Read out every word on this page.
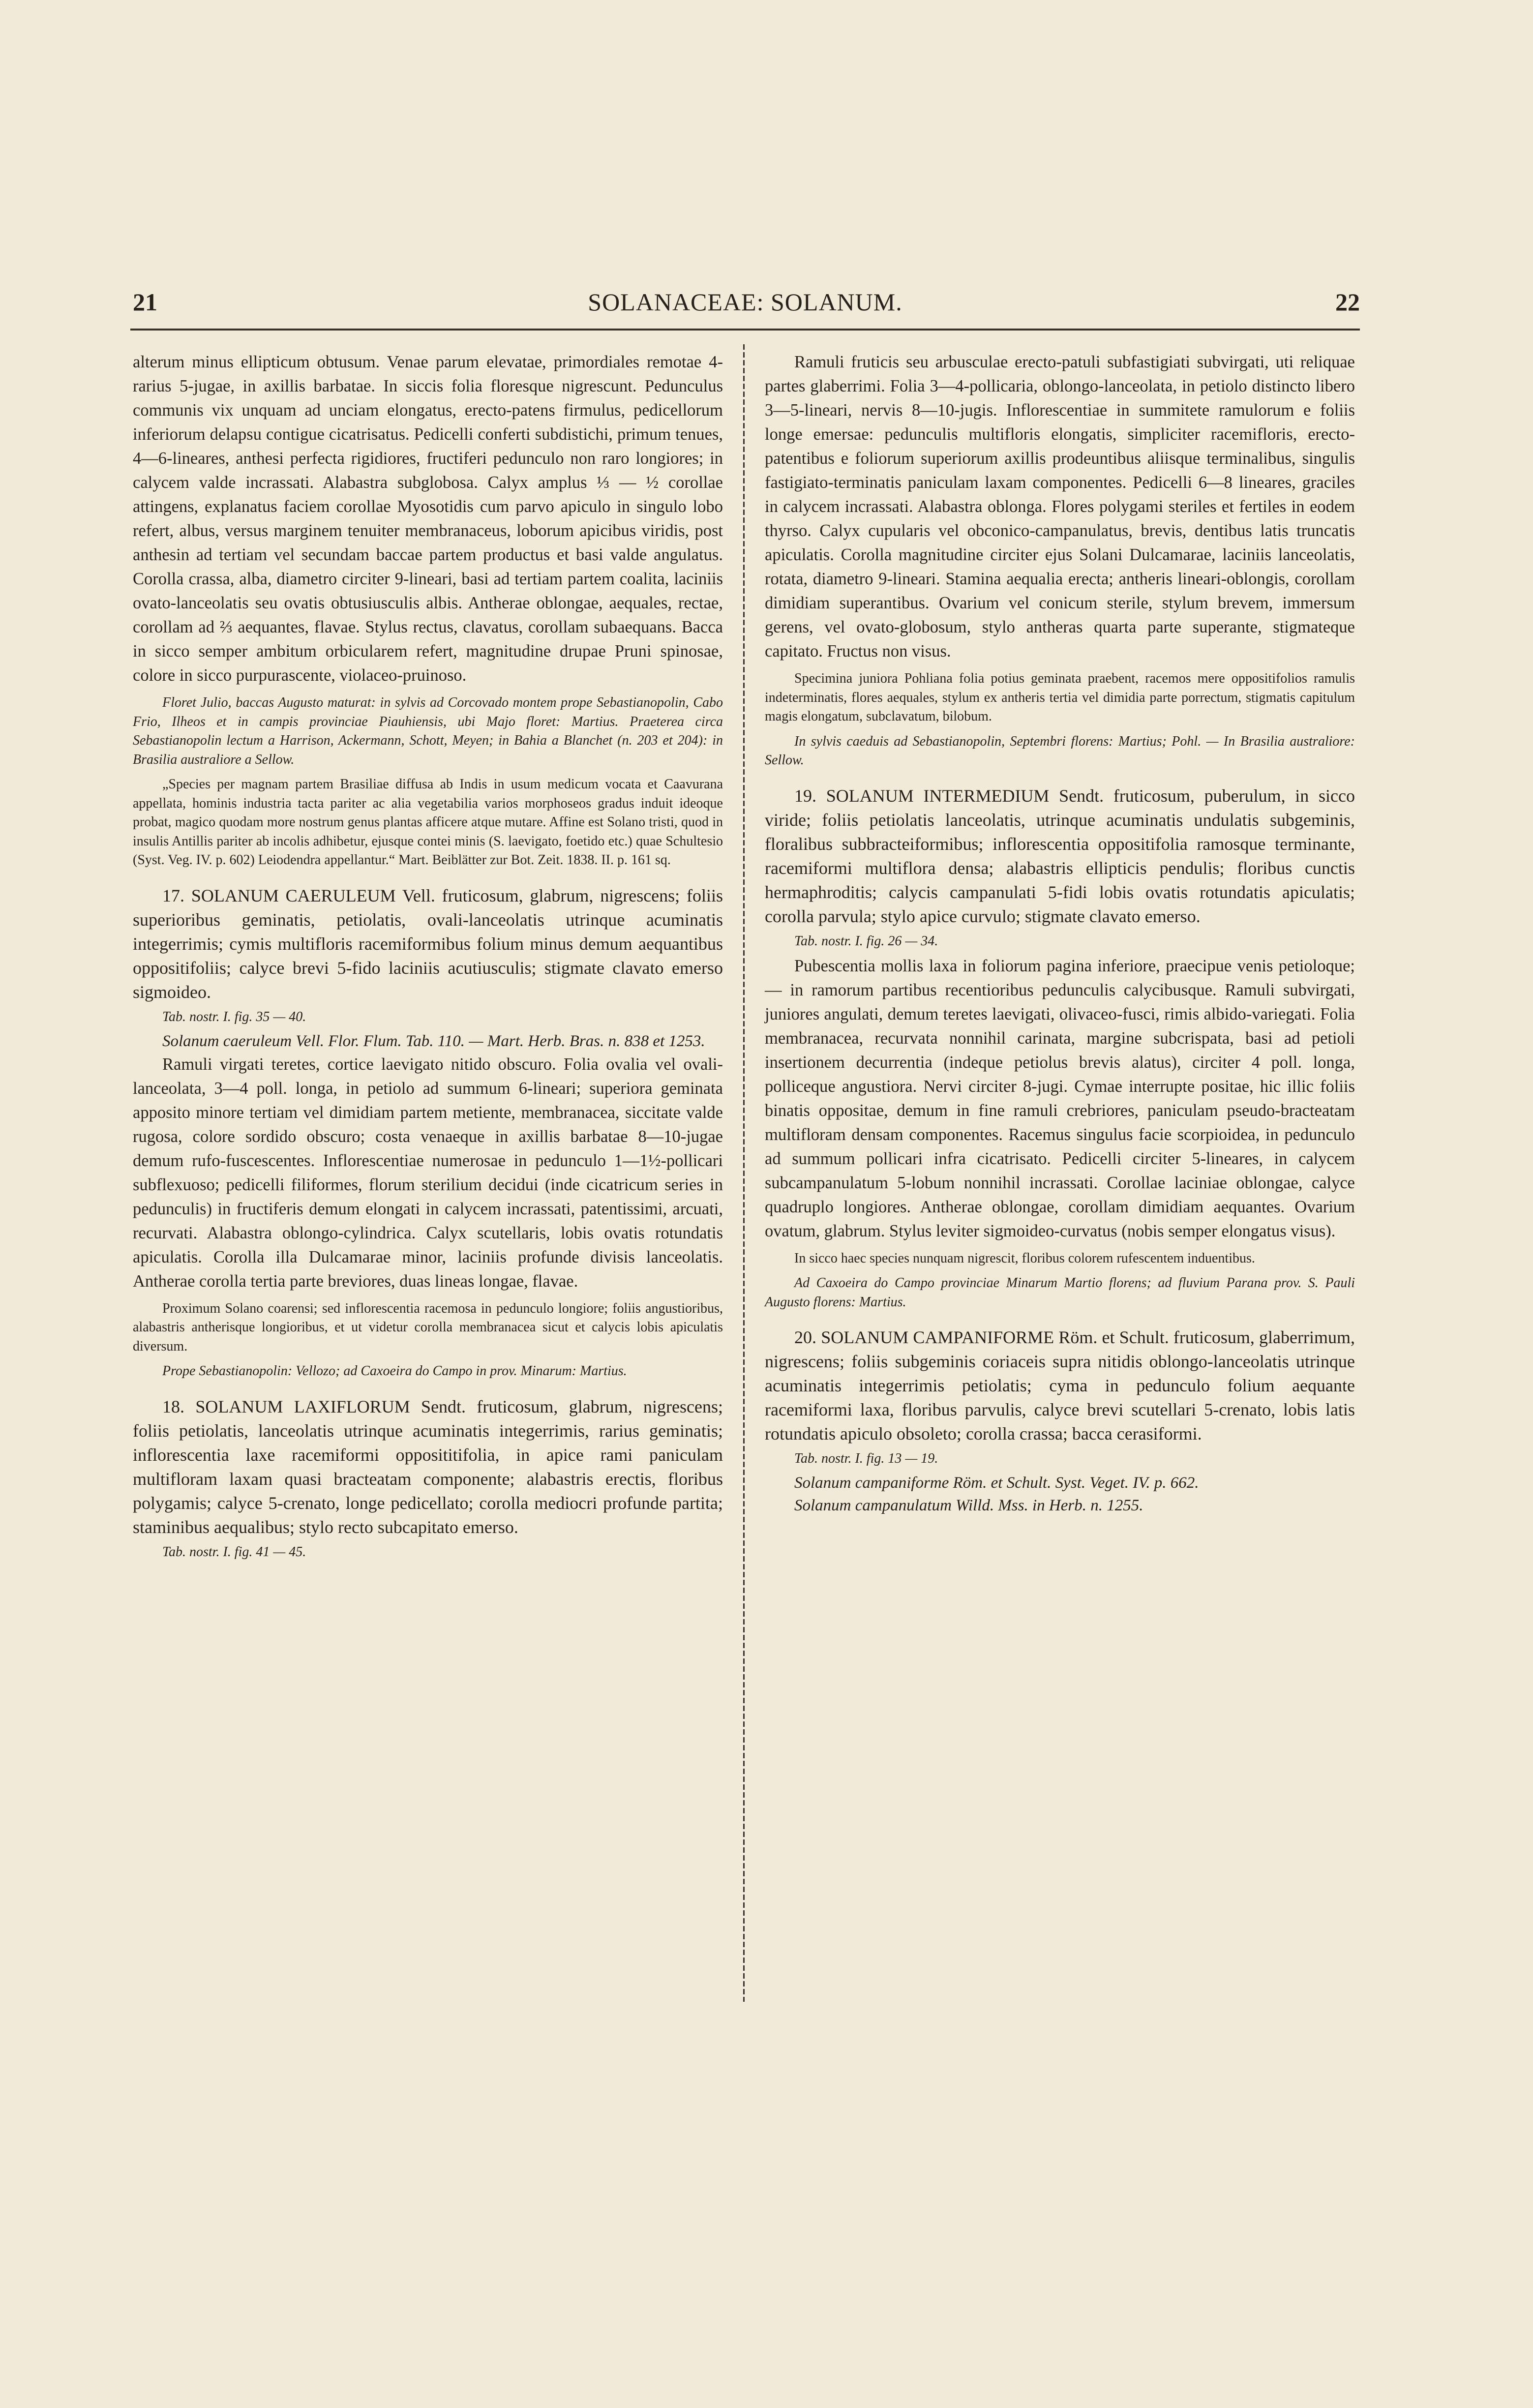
21	SOLANACEAE: SOLANUM.	22

alterum minus ellipticum obtusum. Venae parum elevatae, primordiales remotae 4- rarius 5-jugae, in axillis barbatae. In siccis folia floresque nigrescunt. Pedunculus communis vix unquam ad unciam elongatus, erecto-patens firmulus, pedicellorum inferiorum delapsu contigue cicatrisatus. Pedicelli conferti subdistichi, primum tenues, 4—6-lineares, anthesi perfecta rigidiores, fructiferi pedunculo non raro longiores; in calycem valde incrassati. Alabastra subglobosa. Calyx amplus ⅓ — ½ corollae attingens, explanatus faciem corollae Myosotidis cum parvo apiculo in singulo lobo refert, albus, versus marginem tenuiter membranaceus, loborum apicibus viridis, post anthesin ad tertiam vel secundam baccae partem productus et basi valde angulatus. Corolla crassa, alba, diametro circiter 9-lineari, basi ad tertiam partem coalita, laciniis ovato-lanceolatis seu ovatis obtusiusculis albis. Antherae oblongae, aequales, rectae, corollam ad ⅔ aequantes, flavae. Stylus rectus, clavatus, corollam subaequans. Bacca in sicco semper ambitum orbicularem refert, magnitudine drupae Pruni spinosae, colore in sicco purpurascente, violaceo-pruinoso.

Floret Julio, baccas Augusto maturat: in sylvis ad Corcovado montem prope Sebastianopolin, Cabo Frio, Ilheos et in campis provinciae Piauhiensis, ubi Majo floret: Martius. Praeterea circa Sebastianopolin lectum a Harrison, Ackermann, Schott, Meyen; in Bahia a Blanchet (n. 203 et 204): in Brasilia australiore a Sellow.

„Species per magnam partem Brasiliae diffusa ab Indis in usum medicum vocata et Caavurana appellata, hominis industria tacta pariter ac alia vegetabilia varios morphoseos gradus induit ideoque probat, magico quodam more nostrum genus plantas afficere atque mutare. Affine est Solano tristi, quod in insulis Antillis pariter ab incolis adhibetur, ejusque contei minis (S. laevigato, foetido etc.) quae Schultesio (Syst. Veg. IV. p. 602) Leiodendra appellantur.“ Mart. Beiblätter zur Bot. Zeit. 1838. II. p. 161 sq.

17. SOLANUM CAERULEUM Vell. fruticosum, glabrum, nigrescens; foliis superioribus geminatis, petiolatis, ovali-lanceolatis utrinque acuminatis integerrimis; cymis multifloris racemiformibus folium minus demum aequantibus oppositifoliis; calyce brevi 5-fido laciniis acutiusculis; stigmate clavato emerso sigmoideo.

Tab. nostr. I. fig. 35 — 40.

Solanum caeruleum Vell. Flor. Flum. Tab. 110. — Mart. Herb. Bras. n. 838 et 1253.

Ramuli virgati teretes, cortice laevigato nitido obscuro. Folia ovalia vel ovali-lanceolata, 3—4 poll. longa, in petiolo ad summum 6-lineari; superiora geminata apposito minore tertiam vel dimidiam partem metiente, membranacea, siccitate valde rugosa, colore sordido obscuro; costa venaeque in axillis barbatae 8—10-jugae demum rufo-fuscescentes. Inflorescentiae numerosae in pedunculo 1—1½-pollicari subflexuoso; pedicelli filiformes, florum sterilium decidui (inde cicatricum series in pedunculis) in fructiferis demum elongati in calycem incrassati, patentissimi, arcuati, recurvati. Alabastra oblongo-cylindrica. Calyx scutellaris, lobis ovatis rotundatis apiculatis. Corolla illa Dulcamarae minor, laciniis profunde divisis lanceolatis. Antherae corolla tertia parte breviores, duas lineas longae, flavae.

Proximum Solano coarensi; sed inflorescentia racemosa in pedunculo longiore; foliis angustioribus, alabastris antherisque longioribus, et ut videtur corolla membranacea sicut et calycis lobis apiculatis diversum.

Prope Sebastianopolin: Vellozo; ad Caxoeira do Campo in prov. Minarum: Martius.

18. SOLANUM LAXIFLORUM Sendt. fruticosum, glabrum, nigrescens; foliis petiolatis, lanceolatis utrinque acuminatis integerrimis, rarius geminatis; inflorescentia laxe racemiformi opposititifolia, in apice rami paniculam multifloram laxam quasi bracteatam componente; alabastris erectis, floribus polygamis; calyce 5-crenato, longe pedicellato; corolla mediocri profunde partita; staminibus aequalibus; stylo recto subcapitato emerso.

Tab. nostr. I. fig. 41 — 45.

Ramuli fruticis seu arbusculae erecto-patuli subfastigiati subvirgati, uti reliquae partes glaberrimi. Folia 3—4-pollicaria, oblongo-lanceolata, in petiolo distincto libero 3—5-lineari, nervis 8—10-jugis. Inflorescentiae in summitete ramulorum e foliis longe emersae: pedunculis multifloris elongatis, simpliciter racemifloris, erecto-patentibus e foliorum superiorum axillis prodeuntibus aliisque terminalibus, singulis fastigiato-terminatis paniculam laxam componentes. Pedicelli 6—8 lineares, graciles in calycem incrassati. Alabastra oblonga. Flores polygami steriles et fertiles in eodem thyrso. Calyx cupularis vel obconico-campanulatus, brevis, dentibus latis truncatis apiculatis. Corolla magnitudine circiter ejus Solani Dulcamarae, laciniis lanceolatis, rotata, diametro 9-lineari. Stamina aequalia erecta; antheris lineari-oblongis, corollam dimidiam superantibus. Ovarium vel conicum sterile, stylum brevem, immersum gerens, vel ovato-globosum, stylo antheras quarta parte superante, stigmateque capitato. Fructus non visus.

Specimina juniora Pohliana folia potius geminata praebent, racemos mere oppositifolios ramulis indeterminatis, flores aequales, stylum ex antheris tertia vel dimidia parte porrectum, stigmatis capitulum magis elongatum, subclavatum, bilobum.

In sylvis caeduis ad Sebastianopolin, Septembri florens: Martius; Pohl. — In Brasilia australiore: Sellow.

19. SOLANUM INTERMEDIUM Sendt. fruticosum, puberulum, in sicco viride; foliis petiolatis lanceolatis, utrinque acuminatis undulatis subgeminis, floralibus subbracteiformibus; inflorescentia oppositifolia ramosque terminante, racemiformi multiflora densa; alabastris ellipticis pendulis; floribus cunctis hermaphroditis; calycis campanulati 5-fidi lobis ovatis rotundatis apiculatis; corolla parvula; stylo apice curvulo; stigmate clavato emerso.

Tab. nostr. I. fig. 26 — 34.

Pubescentia mollis laxa in foliorum pagina inferiore, praecipue venis petioloque; — in ramorum partibus recentioribus pedunculis calycibusque. Ramuli subvirgati, juniores angulati, demum teretes laevigati, olivaceo-fusci, rimis albido-variegati. Folia membranacea, recurvata nonnihil carinata, margine subcrispata, basi ad petioli insertionem decurrentia (indeque petiolus brevis alatus), circiter 4 poll. longa, polliceque angustiora. Nervi circiter 8-jugi. Cymae interrupte positae, hic illic foliis binatis oppositae, demum in fine ramuli crebriores, paniculam pseudo-bracteatam multifloram densam componentes. Racemus singulus facie scorpioidea, in pedunculo ad summum pollicari infra cicatrisato. Pedicelli circiter 5-lineares, in calycem subcampanulatum 5-lobum nonnihil incrassati. Corollae laciniae oblongae, calyce quadruplo longiores. Antherae oblongae, corollam dimidiam aequantes. Ovarium ovatum, glabrum. Stylus leviter sigmoideo-curvatus (nobis semper elongatus visus).

In sicco haec species nunquam nigrescit, floribus colorem rufescentem induentibus.

Ad Caxoeira do Campo provinciae Minarum Martio florens; ad fluvium Parana prov. S. Pauli Augusto florens: Martius.

20. SOLANUM CAMPANIFORME Röm. et Schult. fruticosum, glaberrimum, nigrescens; foliis subgeminis coriaceis supra nitidis oblongo-lanceolatis utrinque acuminatis integerrimis petiolatis; cyma in pedunculo folium aequante racemiformi laxa, floribus parvulis, calyce brevi scutellari 5-crenato, lobis latis rotundatis apiculo obsoleto; corolla crassa; bacca cerasiformi.

Tab. nostr. I. fig. 13 — 19.

Solanum campaniforme Röm. et Schult. Syst. Veget. IV. p. 662.

Solanum campanulatum Willd. Mss. in Herb. n. 1255.
